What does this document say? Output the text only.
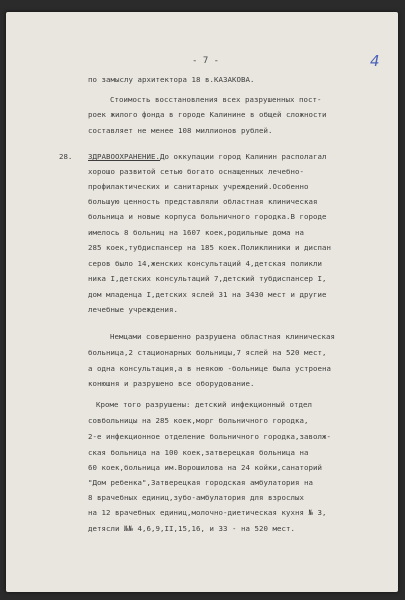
- 7 -	4
по замыслу архитектора 18 в.КАЗАКОВА.
Стоимость восстановления всех разрушенных пост-
роек жилого фонда в городе Калинине в общей сложности
составляет не менее 108 миллионов рублей.
28. ЗДРАВООХРАНЕНИЕ.До оккупации город Калинин располагал
хорошо развитой сетью богато оснащенных лечебно-
профилактических и санитарных учреждений.Особенно
большую ценность представляли областная клиническая
больница и новые корпуса больничного городка.В городе
имелось 8 больниц на 1607 коек,родильные дома на
285 коек,тубдиспансер на 185 коек.Поликлиники и диспан
серов было 14,женских консультаций 4,детская поликли
ника I,детских консультаций 7,детский тубдиспансер I,
дом младенца I,детских яслей 31 на 3430 мест и другие
лечебные учреждения.
Немцами совершенно разрушена областная клиническая
больница,2 стационарных больницы,7 яслей на 520 мест,
а одна консультация,а в неякою -больнице была устроена
конюшня и разрушено все оборудование.
Кроме того разрушены: детский инфекционный отдел
совбольницы на 285 коек,морг больничного городка,
2-е инфекционное отделение больничного городка,заволж-
ская больница на 100 коек,затверецкая больница на
60 коек,больница им.Ворошилова на 24 койки,санаторий
"Дом ребенка",Затверецкая городская амбулатория на
8 врачебных единиц,зубо-амбулатория для взрослых
на 12 врачебных единиц,молочно-диетическая кухня № 3,
детясли №№ 4,6,9,II,15,16, и 33 - на 520 мест.
